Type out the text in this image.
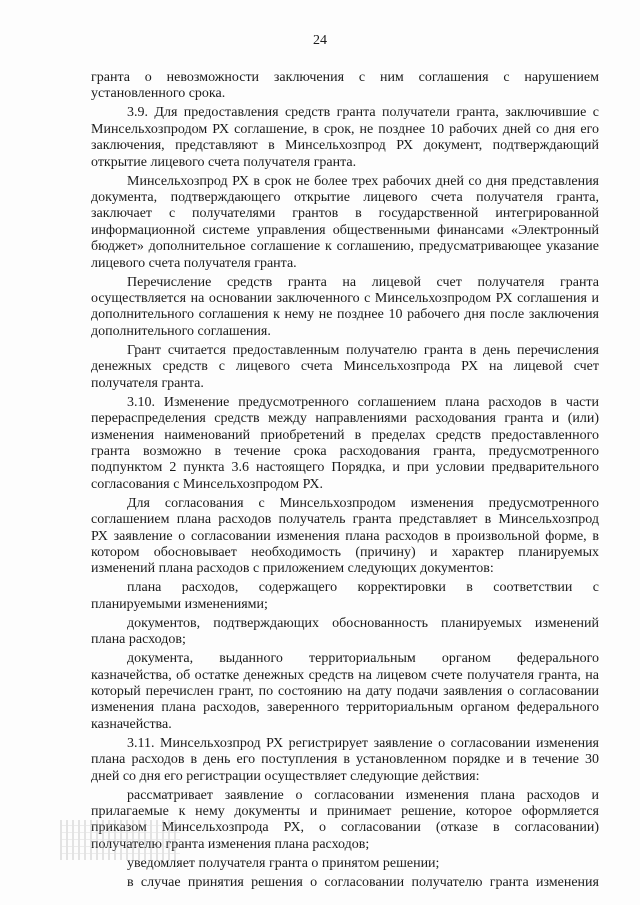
24
гранта о невозможности заключения с ним соглашения с нарушением
установленного срока.
3.9. Для предоставления средств гранта получатели гранта, заключившие с
Минсельхозпродом РХ соглашение, в срок, не позднее 10 рабочих дней со дня его
заключения, представляют в Минсельхозпрод РХ документ, подтверждающий
открытие лицевого счета получателя гранта.
Минсельхозпрод РХ в срок не более трех рабочих дней со дня представления
документа, подтверждающего открытие лицевого счета получателя гранта,
заключает с получателями грантов в государственной интегрированной
информационной системе управления общественными финансами «Электронный
бюджет» дополнительное соглашение к соглашению, предусматривающее указание
лицевого счета получателя гранта.
Перечисление средств гранта на лицевой счет получателя гранта
осуществляется на основании заключенного с Минсельхозпродом РХ соглашения и
дополнительного соглашения к нему не позднее 10 рабочего дня после заключения
дополнительного соглашения.
Грант считается предоставленным получателю гранта в день перечисления
денежных средств с лицевого счета Минсельхозпрода РХ на лицевой счет
получателя гранта.
3.10. Изменение предусмотренного соглашением плана расходов в части
перераспределения средств между направлениями расходования гранта и (или)
изменения наименований приобретений в пределах средств предоставленного
гранта возможно в течение срока расходования гранта, предусмотренного
подпунктом 2 пункта 3.6 настоящего Порядка, и при условии предварительного
согласования с Минсельхозпродом РХ.
Для согласования с Минсельхозпродом изменения предусмотренного
соглашением плана расходов получатель гранта представляет в Минсельхозпрод
РХ заявление о согласовании изменения плана расходов в произвольной форме, в
котором обосновывает необходимость (причину) и характер планируемых
изменений плана расходов с приложением следующих документов:
плана расходов, содержащего корректировки в соответствии с
планируемыми изменениями;
документов, подтверждающих обоснованность планируемых изменений
плана расходов;
документа, выданного территориальным органом федерального
казначейства, об остатке денежных средств на лицевом счете получателя гранта, на
который перечислен грант, по состоянию на дату подачи заявления о согласовании
изменения плана расходов, заверенного территориальным органом федерального
казначейства.
3.11. Минсельхозпрод РХ регистрирует заявление о согласовании изменения
плана расходов в день его поступления в установленном порядке и в течение 30
дней со дня его регистрации осуществляет следующие действия:
рассматривает заявление о согласовании изменения плана расходов и
прилагаемые к нему документы и принимает решение, которое оформляется
приказом Минсельхозпрода РХ, о согласовании (отказе в согласовании)
получателю гранта изменения плана расходов;
уведомляет получателя гранта о принятом решении;
в случае принятия решения о согласовании получателю гранта изменения
